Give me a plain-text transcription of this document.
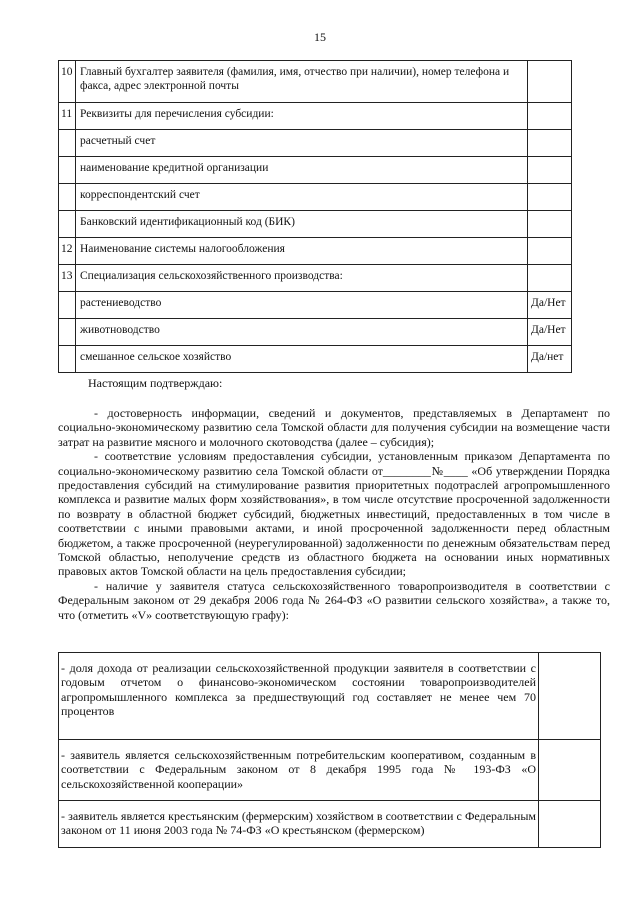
15
10	Главный бухгалтер заявителя (фамилия, имя, отчество при наличии), номер телефона и факса, адрес электронной почты	
11	Реквизиты для перечисления субсидии:	
	расчетный счет	
	наименование кредитной организации	
	корреспондентский счет	
	Банковский идентификационный код (БИК)	
12	Наименование системы налогообложения	
13	Специализация сельскохозяйственного производства:	
	растениеводство	Да/Нет
	животноводство	Да/Нет
	смешанное сельское хозяйство	Да/нет
Настоящим подтверждаю:

- достоверность информации, сведений и документов, представляемых в Департамент по социально-экономическому развитию села Томской области для получения субсидии на возмещение части затрат на развитие мясного и молочного скотоводства (далее – субсидия);

- соответствие условиям предоставления субсидии, установленным приказом Департамента по социально-экономическому развитию села Томской области от________№____ «Об утверждении Порядка предоставления субсидий на стимулирование развития приоритетных подотраслей агропромышленного комплекса и развитие малых форм хозяйствования», в том числе отсутствие просроченной задолженности по возврату в областной бюджет субсидий, бюджетных инвестиций, предоставленных в том числе в соответствии с иными правовыми актами, и иной просроченной задолженности перед областным бюджетом, а также просроченной (неурегулированной) задолженности по денежным обязательствам перед Томской областью, неполучение средств из областного бюджета на основании иных нормативных правовых актов Томской области на цель предоставления субсидии;

- наличие у заявителя статуса сельскохозяйственного товаропроизводителя в соответствии с Федеральным законом от 29 декабря 2006 года № 264-ФЗ «О развитии сельского хозяйства», а также то, что (отметить «V» соответствующую графу):

- доля дохода от реализации сельскохозяйственной продукции заявителя в соответствии с годовым отчетом о финансово-экономическом состоянии товаропроизводителей агропромышленного комплекса за предшествующий год составляет не менее чем 70 процентов	
- заявитель является сельскохозяйственным потребительским кооперативом, созданным в соответствии с Федеральным законом от 8 декабря 1995 года № 193-ФЗ «О сельскохозяйственной кооперации»	
- заявитель является крестьянским (фермерским) хозяйством в соответствии с Федеральным законом от 11 июня 2003 года № 74-ФЗ «О крестьянском (фермерском)	
